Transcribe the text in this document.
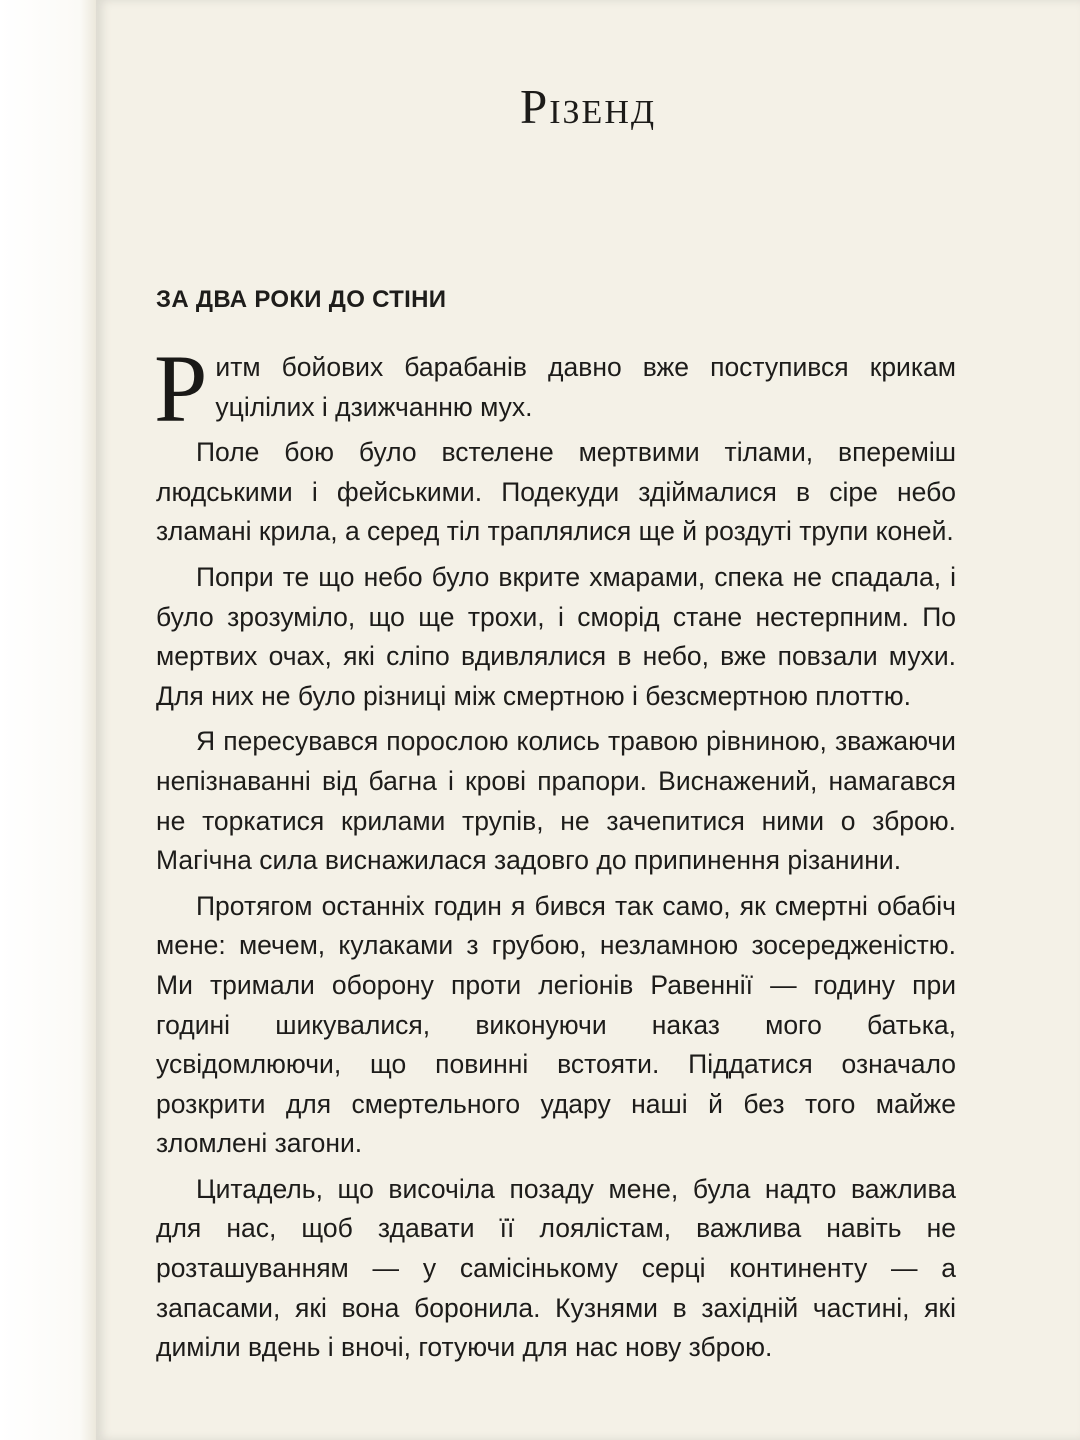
Різенд
ЗА ДВА РОКИ ДО СТІНИ

Ритм бойових барабанів давно вже поступився крикам уцілілих і дзижчанню мух.

Поле бою було встелене мертвими тілами, впереміш людськими і фейськими. Подекуди здіймалися в сіре небо зламані крила, а серед тіл траплялися ще й роздуті трупи коней.

Попри те що небо було вкрите хмарами, спека не спадала, і було зрозуміло, що ще трохи, і сморід стане нестерпним. По мертвих очах, які сліпо вдивлялися в небо, вже повзали мухи. Для них не було різниці між смертною і безсмертною плоттю.

Я пересувався порослою колись травою рівниною, зважаючи непізнаванні від багна і крові прапори. Виснажений, намагався не торкатися крилами трупів, не зачепитися ними о зброю. Магічна сила виснажилася задовго до припинення різанини.

Протягом останніх годин я бився так само, як смертні обабіч мене: мечем, кулаками з грубою, незламною зосередженістю. Ми тримали оборону проти легіонів Равеннії — годину при годині шикувалися, виконуючи наказ мого батька, усвідомлюючи, що повинні встояти. Піддатися означало розкрити для смертельного удару наші й без того майже зломлені загони.

Цитадель, що височіла позаду мене, була надто важлива для нас, щоб здавати її лоялістам, важлива навіть не розташуванням — у самісінькому серці континенту — а запасами, які вона боронила. Кузнями в західній частині, які диміли вдень і вночі, готуючи для нас нову зброю.
